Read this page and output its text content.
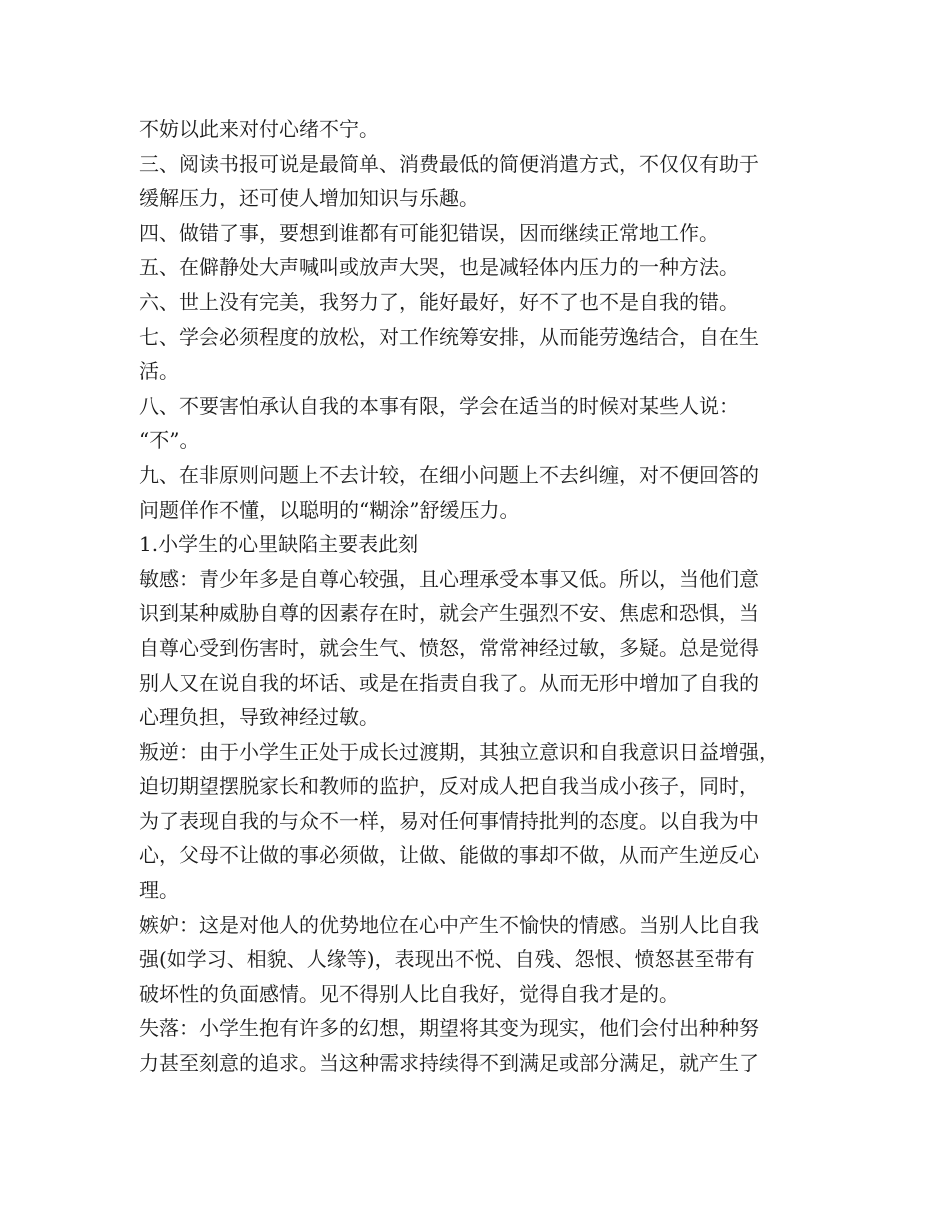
不妨以此来对付心绪不宁。

三、阅读书报可说是最简单、消费最低的简便消遣方式，不仅仅有助于

缓解压力，还可使人增加知识与乐趣。

四、做错了事，要想到谁都有可能犯错误，因而继续正常地工作。

五、在僻静处大声喊叫或放声大哭，也是减轻体内压力的一种方法。

六、世上没有完美，我努力了，能好最好，好不了也不是自我的错。

七、学会必须程度的放松，对工作统筹安排，从而能劳逸结合，自在生

活。

八、不要害怕承认自我的本事有限，学会在适当的时候对某些人说：

“不”。

九、在非原则问题上不去计较，在细小问题上不去纠缠，对不便回答的

问题佯作不懂，以聪明的“糊涂”舒缓压力。

1.小学生的心里缺陷主要表此刻

敏感：青少年多是自尊心较强，且心理承受本事又低。所以，当他们意

识到某种威胁自尊的因素存在时，就会产生强烈不安、焦虑和恐惧，当

自尊心受到伤害时，就会生气、愤怒，常常神经过敏，多疑。总是觉得

别人又在说自我的坏话、或是在指责自我了。从而无形中增加了自我的

心理负担，导致神经过敏。

叛逆：由于小学生正处于成长过渡期，其独立意识和自我意识日益增强，

迫切期望摆脱家长和教师的监护，反对成人把自我当成小孩子，同时，

为了表现自我的与众不一样，易对任何事情持批判的态度。以自我为中

心，父母不让做的事必须做，让做、能做的事却不做，从而产生逆反心

理。

嫉妒：这是对他人的优势地位在心中产生不愉快的情感。当别人比自我

强(如学习、相貌、人缘等)，表现出不悦、自残、怨恨、愤怒甚至带有

破坏性的负面感情。见不得别人比自我好，觉得自我才是的。

失落：小学生抱有许多的幻想，期望将其变为现实，他们会付出种种努

力甚至刻意的追求。当这种需求持续得不到满足或部分满足，就产生了
